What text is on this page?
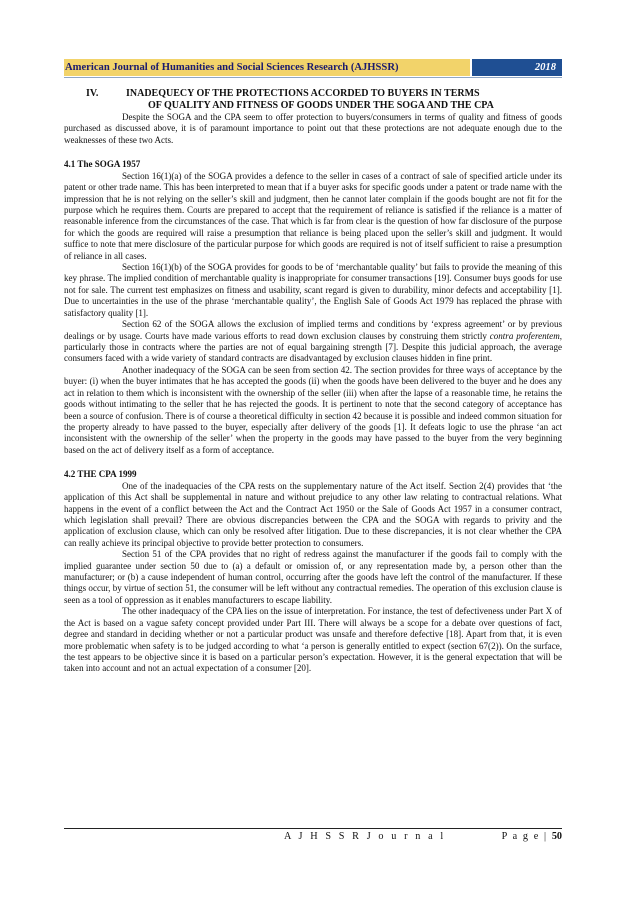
American Journal of Humanities and Social Sciences Research (AJHSSR)	2018
IV.	INADEQUECY OF THE PROTECTIONS ACCORDED TO BUYERS IN TERMS
OF QUALITY AND FITNESS OF GOODS UNDER THE SOGA AND THE CPA

Despite the SOGA and the CPA seem to offer protection to buyers/consumers in terms of quality and fitness of goods purchased as discussed above, it is of paramount importance to point out that these protections are not adequate enough due to the weaknesses of these two Acts.

4.1 The SOGA 1957

Section 16(1)(a) of the SOGA provides a defence to the seller in cases of a contract of sale of specified article under its patent or other trade name. This has been interpreted to mean that if a buyer asks for specific goods under a patent or trade name with the impression that he is not relying on the seller’s skill and judgment, then he cannot later complain if the goods bought are not fit for the purpose which he requires them. Courts are prepared to accept that the requirement of reliance is satisfied if the reliance is a matter of reasonable inference from the circumstances of the case. That which is far from clear is the question of how far disclosure of the purpose for which the goods are required will raise a presumption that reliance is being placed upon the seller’s skill and judgment. It would suffice to note that mere disclosure of the particular purpose for which goods are required is not of itself sufficient to raise a presumption of reliance in all cases.

Section 16(1)(b) of the SOGA provides for goods to be of ‘merchantable quality’ but fails to provide the meaning of this key phrase. The implied condition of merchantable quality is inappropriate for consumer transactions [19]. Consumer buys goods for use not for sale. The current test emphasizes on fitness and usability, scant regard is given to durability, minor defects and acceptability [1]. Due to uncertainties in the use of the phrase ‘merchantable quality’, the English Sale of Goods Act 1979 has replaced the phrase with satisfactory quality [1].

Section 62 of the SOGA allows the exclusion of implied terms and conditions by ‘express agreement’ or by previous dealings or by usage. Courts have made various efforts to read down exclusion clauses by construing them strictly contra proferentem, particularly those in contracts where the parties are not of equal bargaining strength [7]. Despite this judicial approach, the average consumers faced with a wide variety of standard contracts are disadvantaged by exclusion clauses hidden in fine print.

Another inadequacy of the SOGA can be seen from section 42. The section provides for three ways of acceptance by the buyer: (i) when the buyer intimates that he has accepted the goods (ii) when the goods have been delivered to the buyer and he does any act in relation to them which is inconsistent with the ownership of the seller (iii) when after the lapse of a reasonable time, he retains the goods without intimating to the seller that he has rejected the goods. It is pertinent to note that the second category of acceptance has been a source of confusion. There is of course a theoretical difficulty in section 42 because it is possible and indeed common situation for the property already to have passed to the buyer, especially after delivery of the goods [1]. It defeats logic to use the phrase ‘an act inconsistent with the ownership of the seller’ when the property in the goods may have passed to the buyer from the very beginning based on the act of delivery itself as a form of acceptance.

4.2 THE CPA 1999

One of the inadequacies of the CPA rests on the supplementary nature of the Act itself. Section 2(4) provides that ‘the application of this Act shall be supplemental in nature and without prejudice to any other law relating to contractual relations. What happens in the event of a conflict between the Act and the Contract Act 1950 or the Sale of Goods Act 1957 in a consumer contract, which legislation shall prevail? There are obvious discrepancies between the CPA and the SOGA with regards to privity and the application of exclusion clause, which can only be resolved after litigation. Due to these discrepancies, it is not clear whether the CPA can really achieve its principal objective to provide better protection to consumers.

Section 51 of the CPA provides that no right of redress against the manufacturer if the goods fail to comply with the implied guarantee under section 50 due to (a) a default or omission of, or any representation made by, a person other than the manufacturer; or (b) a cause independent of human control, occurring after the goods have left the control of the manufacturer. If these things occur, by virtue of section 51, the consumer will be left without any contractual remedies. The operation of this exclusion clause is seen as a tool of oppression as it enables manufacturers to escape liability.

The other inadequacy of the CPA lies on the issue of interpretation. For instance, the test of defectiveness under Part X of the Act is based on a vague safety concept provided under Part III. There will always be a scope for a debate over questions of fact, degree and standard in deciding whether or not a particular product was unsafe and therefore defective [18]. Apart from that, it is even more problematic when safety is to be judged according to what ‘a person is generally entitled to expect (section 67(2)). On the surface, the test appears to be objective since it is based on a particular person’s expectation. However, it is the general expectation that will be taken into account and not an actual expectation of a consumer [20].

A J H S S R J o u r n a l	P a g e | 50
